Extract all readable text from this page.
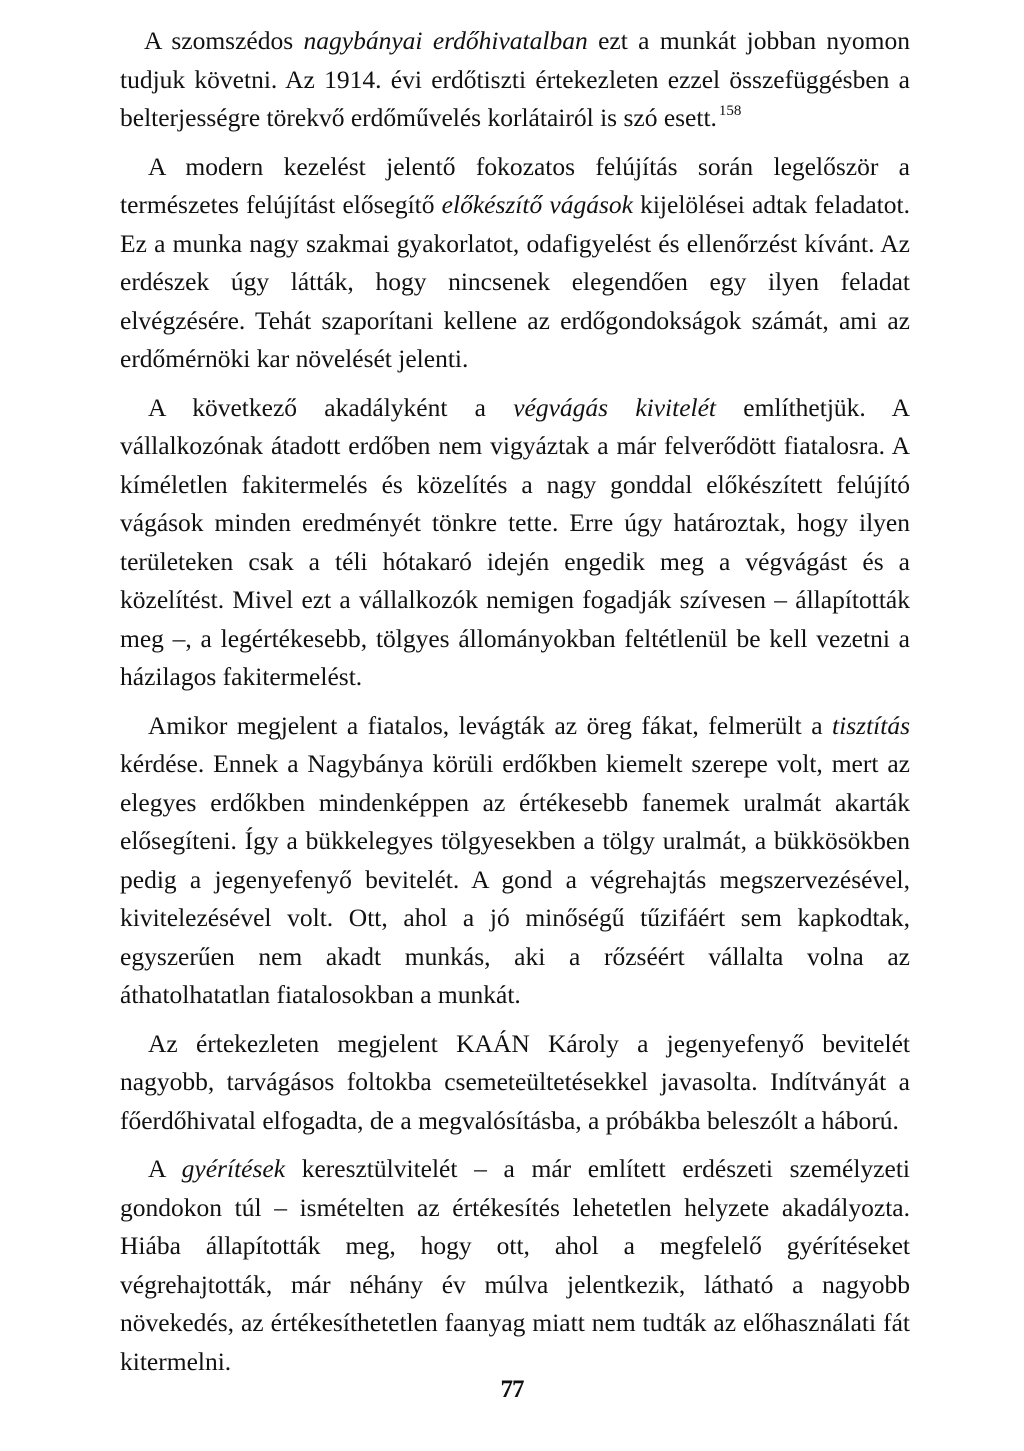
A szomszédos nagybányai erdőhivatalban ezt a munkát jobban nyomon tudjuk követni. Az 1914. évi erdőtiszti értekezleten ezzel összefüggésben a belterjességre törekvő erdőművelés korlátairól is szó esett. $^{158}$

A modern kezelést jelentő fokozatos felújítás során legelőször a természetes felújítást elősegítő előkészítő vágások kijelölései adtak feladatot. Ez a munka nagy szakmai gyakorlatot, odafigyelést és ellenőrzést kívánt. Az erdészek úgy látták, hogy nincsenek elegendően egy ilyen feladat elvégzésére. Tehát szaporítani kellene az erdőgondokságok számát, ami az erdőmérnöki kar növelését jelenti.

A következő akadályként a végvágás kivitelét említhetjük. A vállalkozónak átadott erdőben nem vigyáztak a már felverődött fiatalosra. A kíméletlen fakitermelés és közelítés a nagy gonddal előkészített felújító vágások minden eredményét tönkre tette. Erre úgy határoztak, hogy ilyen területeken csak a téli hótakaró idején engedik meg a végvágást és a közelítést. Mivel ezt a vállalkozók nemigen fogadják szívesen – állapították meg –, a legértékesebb, tölgyes állományokban feltétlenül be kell vezetni a házilagos fakitermelést.

Amikor megjelent a fiatalos, levágták az öreg fákat, felmerült a tisztítás kérdése. Ennek a Nagybánya körüli erdőkben kiemelt szerepe volt, mert az elegyes erdőkben mindenképpen az értékesebb fanemek uralmát akarták elősegíteni. Így a bükkelegyes tölgyesekben a tölgy uralmát, a bükkösökben pedig a jegenyefenyő bevitelét. A gond a végrehajtás megszervezésével, kivitelezésével volt. Ott, ahol a jó minőségű tűzifáért sem kapkodtak, egyszerűen nem akadt munkás, aki a rőzséért vállalta volna az áthatolhatatlan fiatalosokban a munkát.

Az értekezleten megjelent KAÁN Károly a jegenyefenyő bevitelét nagyobb, tarvágásos foltokba csemeteültetésekkel javasolta. Indítványát a főerdőhivatal elfogadta, de a megvalósításba, a próbákba beleszólt a háború.

A gyérítések keresztülvitelét – a már említett erdészeti személyzeti gondokon túl – ismételten az értékesítés lehetetlen helyzete akadályozta. Hiába állapították meg, hogy ott, ahol a megfelelő gyérítéseket végrehajtották, már néhány év múlva jelentkezik, látható a nagyobb növekedés, az értékesíthetetlen faanyag miatt nem tudták az előhasználati fát kitermelni.

77
